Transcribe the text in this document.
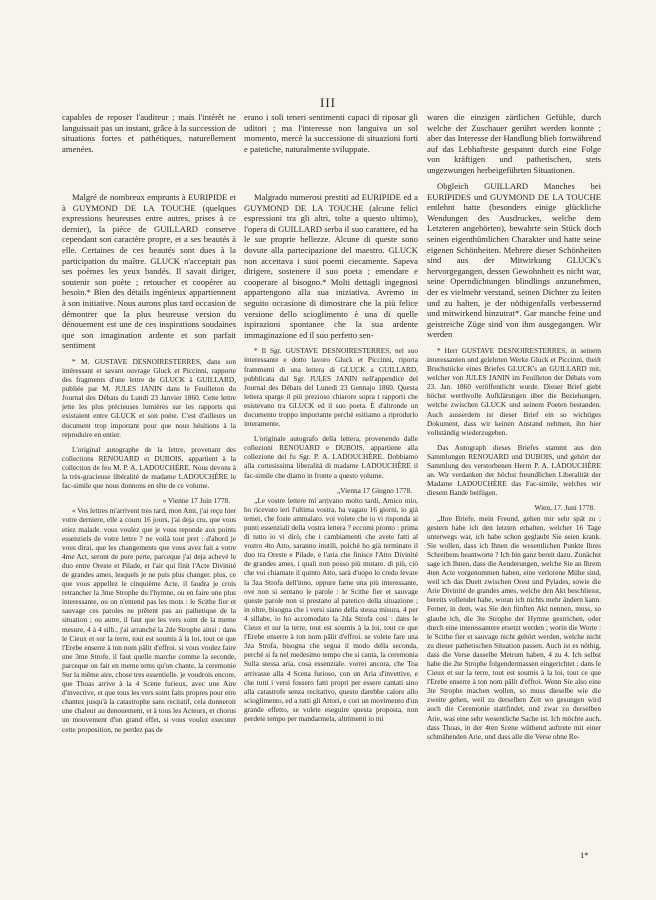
III

capables de reposer l'auditeur ; mais l'intérêt ne languissait pas un instant, grâce à la succession de situations fortes et pathétiques, naturellement amenées.

Malgré de nombreux emprunts à EURIPIDE et à GUYMOND DE LA TOUCHE (quelques expressions heureuses entre autres, prises à ce dernier), la pièce de GUILLARD conserve cependant son caractère propre, et a ses beautés à elle. Certaines de ces beautés sont dues à la participation du maître. GLUCK n'acceptait pas ses poèmes les yeux bandés. Il savait diriger, soutenir son poète ; retoucher et coopérer au besoin.* Bien des détails ingénieux appartiennent à son initiative. Nous aurons plus tard occasion de démontrer que la plus heureuse version du dénouement est une de ces inspirations soudaines que son imagination ardente et son parfait sentiment

* M. GUSTAVE DESNOIRESTERRES, dans son intéressant et savant ouvrage Gluck et Piccinni, rapporte des fragments d'une lettre de GLUCK à GUILLARD, publiée par M. JULES JANIN dans le Feuilleton du Journal des Débats du Lundi 23 Janvier 1860. Cette lettre jette les plus précieuses lumières sur les rapports qui existaient entre GLUCK et son poète. C'est d'ailleurs un document trop important pour que nous hésitions à la reproduire en entier.

L'original autographe de la lettre, provenant des collections RENOUARD et DUBOIS, appartient à la collection de feu M. P. A. LADOUCHÈRE. Nous devons à la très-gracieuse libéralité de madame LADOUCHÈRE le fac-simile que nous donnons en tête de ce volume.

« Vienne 17 Juin 1778.

« Vos lettres m'arrivent tres tard, mon Ami, j'ai reçu hier votre derniere, elle a couru 16 jours, j'ai deja cru, que vous etiez malade. vous voulez que je vous reponde aux points essenziels de votre lettre ? ne voilà tout pret : d'abord je vous dirai, que les changements que vous avez fait a votre 4me Act, seront de pure perte, parceque j'ai deja achevé le duo entre Oreste et Pilade, et l'air qui finit l'Acte Divinité de grandes ames, lesquels je ne puis plus changer. plus, ce que vous appellez le cinquième Acte, il faudra je crois retrancher la 3me Strophe du l'hymne, ou en faire une plus interessante, ou on n'entend pas les mots : le Scithe fier et sauvage ces paroles ne prêtent pas au pathetique de la situation ; ou autre, il faut que les vers soint de la meme mesure, 4 à 4 silb., j'ai arranché la 2de Strophe ainsi : dans le Cieux et sur la terre, tout est soumis à la loi, tout ce que l'Erebe enserre à ton nom pâlit d'effroi. si vous voulez faire une 3me Strofe, il faut quelle marche comme la seconde, parceque on fait en meme tems qu'on chante, la ceremonie Sur la même aire, chose tres essentielle. je voudrois encore, que Thoas arrive à la 4 Scene furieux, avec une Aire d'invective, et que tous les vers soint faits propres pour etre chantez jusqu'à la catastrophe sans recitatif, cela donneroit une chaleur au denouement, et à tous les Acteurs, et chorus un mouvement d'un grand effet, si vous voulez executer cette proposition, ne perdez pas de

erano i soli teneri sentimenti capaci di riposar gli uditori ; ma l'interesse non languiva un sol momento, mercè la successione di situazioni forti e patetiche, naturalmente sviluppate.

Malgrado numerosi prestiti ad EURIPIDE ed a GUYMOND DE LA TOUCHE (alcune felici espressioni tra gli altri, tolte a questo ultimo), l'opera di GUILLARD serba il suo carattere, ed ha le sue proprie bellezze. Alcune di queste sono dovute alla partecipazione del maestro. GLUCK non accettava i suoi poemi ciecamente. Sapeva dirigere, sostenere il suo poeta ; emendare e cooperare al bisogno.* Molti dettagli ingegnosi appartengono alla sua iniziativa. Avremo in seguito occasione di dimostrare che la più felice versione dello scioglimento è una di quelle ispirazioni spontanee che la sua ardente immaginazione ed il suo perfetto sen-

* Il Sgr. GUSTAVE DESNOIRESTERRES, nel suo interessante e dotto lavoro Gluck et Piccinni, riporta frammenti di una lettera di GLUCK a GUILLARD, pubblicata dal Sgr. JULES JANIN nell'appendice del Journal des Débats del Lunedì 23 Gennajo 1860. Questa lettera sparge il più prezioso chiarore sopra i rapporti che esistevano tra GLUCK ed il suo poeta. È d'altronde un documento troppo importante perchè esitiamo a riprodurlo interamente.

L'originale autografo della lettera, provenendo dalle collezioni RENOUARD e DUBOIS, appartiene alla collezione del fu Sgr. P. A. LADOUCHÈRE. Dobbiamo alla cortesissima liberalità di madame LADOUCHÈRE il fac-simile che diamo in fronte a questo volume.

„Vienna 17 Giugno 1778.

„Le vostre lettere mi arrivano molto tardi, Amico mio, ho ricevuto ieri l'ultima vostra, ha vagato 16 giorni, io già temei, che foste ammalato. voi volete che io vi risponda ai punti essenziali della vostra lettera ? eccomi pronto : prima di tutto io vi dirò, che i cambiamenti che avete fatti al vostro 4to Atto, saranno inutili, poichè ho già terminato il duo tra Oreste e Pilade, e l'aria che finisce l'Atto Divinité de grandes ames, i quali non posso più mutare. di più, ciò che voi chiamate il quinto Atto, sarà d'uopo lo credo levare la 3za Strofa dell'inno, oppure farne una più interessante, ove non si sentano le parole : le Scithe fier et sauvage queste parole non si prestano al patetico della situazione ; in oltre, bisogna che i versi siano della stessa misura, 4 per 4 sillabe, io ho accomodato la 2da Strofa così : dans le Cieux et sur la terre, tout est soumis à la loi, tout ce que l'Erebe enserre à ton nom pâlit d'effroi. se volete fare una 3za Strofa, bisogna che segua il modo della seconda, perchè si fa nel medesimo tempo che si canta, la ceremonia Sulla stessa aria, cosa essenziale. vorrei ancora, che Toa arrivasse alla 4 Scena furioso, con un Aria d'invettive, e che tutti i versi fossero fatti propri per essere cantati sino alla catastrofe senza recitativo, questo darebbe calore allo scioglimento, ed a tutti gli Attori, e cori un movimento d'un grande effetto, se volete eseguire questa proposta, non perdete tempo per mandarmela, altrimenti io mi

waren die einzigen zärtlichen Gefühle, durch welche der Zuschauer gerührt werden konnte ; aber das Interesse der Handlung blieb fortwährend auf das Lebhafteste gespannt durch eine Folge von kräftigen und pathetischen, stets ungezwungen herbeigeführten Situationen.

Obgleich GUILLARD Manches bei EURIPIDES und GUYMOND DE LA TOUCHE entlehnt hatte (besonders einige glückliche Wendungen des Ausdruckes, welche dem Letzteren angehörten), bewahrte sein Stück doch seinen eigenthümlichen Charakter und hatte seine eigenen Schönheiten. Mehrere dieser Schönheiten sind aus der Mitwirkung GLUCK's hervorgegangen, dessen Gewohnheit es nicht war, seine Operndichtungen blindlings anzunehmen, der es vielmehr verstand, seinen Dichter zu leiten und zu halten, je der nöthigenfalls verbessernd und mitwirkend hinzutrat*. Gar manche feine und geistreiche Züge sind von ihm ausgegangen. Wir werden

* Herr GUSTAVE DESNOIRESTERRES, in seinem interessanten und gelehrten Werke Gluck et Piccinni, theilt Bruchstücke eines Briefes GLUCK's an GUILLARD mit, welcher von JULES JANIN im Feuilleton der Débats vom 23. Jan. 1860 veröffentlicht wurde. Dieser Brief giebt höchst werthvolle Aufklärungen über die Beziehungen, welche zwischen GLUCK und seinem Poeten bestanden. Auch ausserdem ist dieser Brief ein so wichtiges Dokument, dass wir keinen Anstand nehmen, ihn hier vollständig wiederzugeben.

Das Autograph dieses Briefes stammt aus den Sammlungen RENOUARD und DUBOIS, und gehört der Sammlung des verstorbenen Herrn P. A. LADOUCHÈRE an. Wir verdanken der höchst freundlichen Liberalität der Madame LADOUCHÈRE das Fac-simile, welches wir diesem Bande beifügen.

Wien, 17. Juni 1778.

„Ihre Briefe, mein Freund, gehen mir sehr spät zu ; gestern habe ich den letzten erhalten, welcher 16 Tage unterwegs war, ich habe schon geglaubt Sie seien krank. Sie wollen, dass ich Ihnen die wesentlichen Punkte Ihres Schreibens beantworte ? Ich bin ganz bereit dazu. Zunächst sage ich Ihnen, dass die Aenderungen, welche Sie an Ihrem 4ten Acte vorgenommen haben, eine verlorene Mühe sind, weil ich das Duett zwischen Orest und Pylades, sowie die Arie Divinité de grandes ames, welche den Akt beschliesst, bereits vollendet habe, woran ich nichts mehr ändern kann. Ferner, in dem, was Sie den fünften Akt nennen, muss, so glaube ich, die 3te Strophe der Hymne gestrichen, oder durch eine interessantere ersetzt werden ; worin die Worte : le Scithe fier et sauvage nicht gehört werden, welche nicht zu dieser pathetischen Situation passen. Auch ist es nöthig, dass die Verse dasselbe Metrum haben, 4 zu 4. Ich selbst habe die 2te Strophe folgendermassen eingerichtet : dans le Cieux et sur la terre, tout est soumis à la loi, tout ce que l'Erebe enserre à ton nom pâlit d'effroi. Wenn Sie also eine 3te Strophe machen wollen, so muss dieselbe wie die zweite gehen, weil zu derselben Zeit wo gesungen wird auch die Ceremonie stattfindet, und zwar zu derselben Arie, was eine sehr wesentliche Sache ist. Ich möchte auch, dass Thoas, in der 4ten Scene wüthend auftrete mit einer schmähenden Arie, und dass alle die Verse ohne Re-

1*
